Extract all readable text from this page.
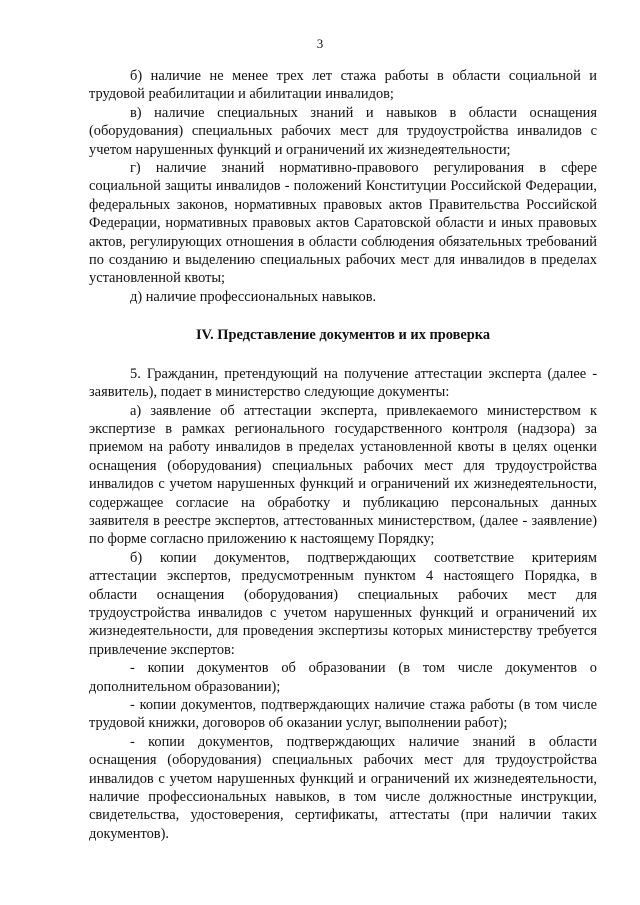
3

б) наличие не менее трех лет стажа работы в области социальной и трудовой реабилитации и абилитации инвалидов;

в) наличие специальных знаний и навыков в области оснащения (оборудования) специальных рабочих мест для трудоустройства инвалидов с учетом нарушенных функций и ограничений их жизнедеятельности;

г) наличие знаний нормативно-правового регулирования в сфере социальной защиты инвалидов - положений Конституции Российской Федерации, федеральных законов, нормативных правовых актов Правительства Российской Федерации, нормативных правовых актов Саратовской области и иных правовых актов, регулирующих отношения в области соблюдения обязательных требований по созданию и выделению специальных рабочих мест для инвалидов в пределах установленной квоты;

д) наличие профессиональных навыков.

IV. Представление документов и их проверка

5. Гражданин, претендующий на получение аттестации эксперта (далее - заявитель), подает в министерство следующие документы:

а) заявление об аттестации эксперта, привлекаемого министерством к экспертизе в рамках регионального государственного контроля (надзора) за приемом на работу инвалидов в пределах установленной квоты в целях оценки оснащения (оборудования) специальных рабочих мест для трудоустройства инвалидов с учетом нарушенных функций и ограничений их жизнедеятельности, содержащее согласие на обработку и публикацию персональных данных заявителя в реестре экспертов, аттестованных министерством, (далее - заявление) по форме согласно приложению к настоящему Порядку;

б) копии документов, подтверждающих соответствие критериям аттестации экспертов, предусмотренным пунктом 4 настоящего Порядка, в области оснащения (оборудования) специальных рабочих мест для трудоустройства инвалидов с учетом нарушенных функций и ограничений их жизнедеятельности, для проведения экспертизы которых министерству требуется привлечение экспертов:

- копии документов об образовании (в том числе документов о дополнительном образовании);

- копии документов, подтверждающих наличие стажа работы (в том числе трудовой книжки, договоров об оказании услуг, выполнении работ);

- копии документов, подтверждающих наличие знаний в области оснащения (оборудования) специальных рабочих мест для трудоустройства инвалидов с учетом нарушенных функций и ограничений их жизнедеятельности, наличие профессиональных навыков, в том числе должностные инструкции, свидетельства, удостоверения, сертификаты, аттестаты (при наличии таких документов).
